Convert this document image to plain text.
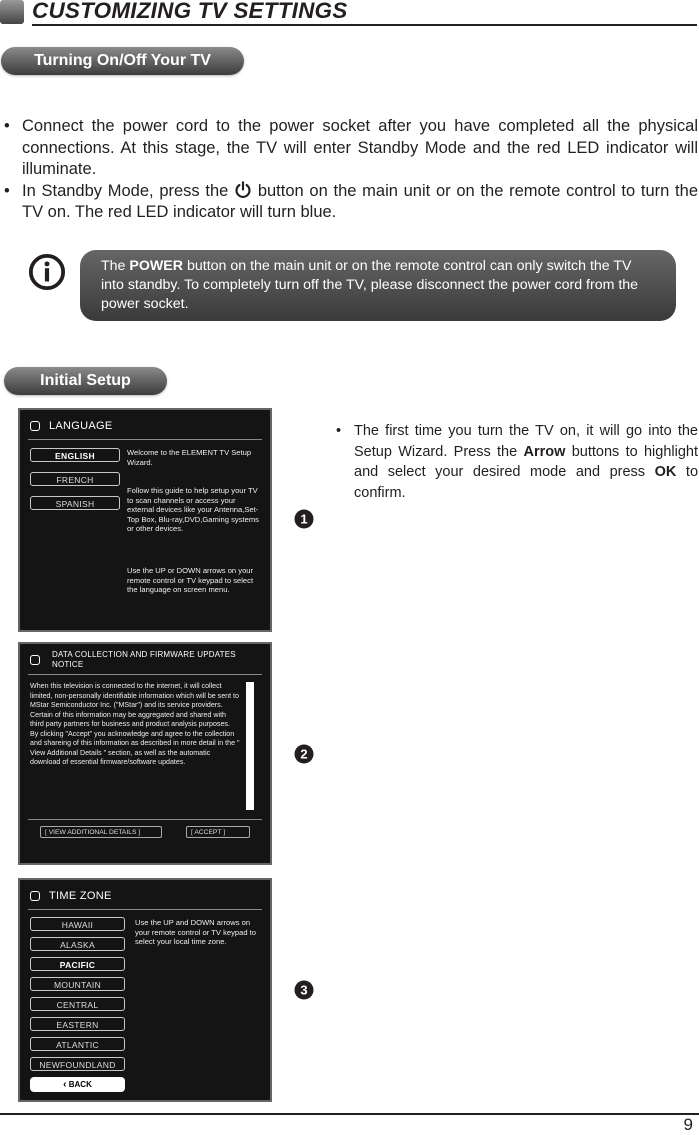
CUSTOMIZING TV SETTINGS
Turning On/Off Your TV
• Connect the power cord to the power socket after you have completed all the physical connections. At this stage, the TV will enter Standby Mode and the red LED indicator will illuminate.
• In Standby Mode, press the button on the main unit or on the remote control to turn the TV on. The red LED indicator will turn blue.
The POWER button on the main unit or on the remote control can only switch the TV into standby. To completely turn off the TV, please disconnect the power cord from the power socket.
Initial Setup
• The first time you turn the TV on, it will go into the Setup Wizard. Press the Arrow buttons to highlight and select your desired mode and press OK to confirm.
LANGUAGE
ENGLISH
FRENCH
SPANISH
Welcome to the ELEMENT TV Setup Wizard.
Follow this guide to help setup your TV to scan channels or access your external devices like your Antenna,Set-Top Box, Blu-ray,DVD,Gaming systems or other devices.
Use the UP or DOWN arrows on your remote control or TV keypad to select the language on screen menu.
DATA COLLECTION AND FIRMWARE UPDATES NOTICE
When this television is connected to the internet, it will collect limited, non-personally identifiable information which will be sent to MStar Semiconductor Inc. ("MStar") and its service providers. Certain of this information may be aggregated and shared with third party partners for business and product analysis purposes. By clicking "Accept" you acknowledge and agree to the collection and shareing of this information as described in more detail in the " View Additional Details " section, as well as the automatic download of essential firmware/software updates.
[ VIEW ADDITIONAL DETAILS ]	[ ACCEPT ]
TIME ZONE
HAWAII
ALASKA
PACIFIC
MOUNTAIN
CENTRAL
EASTERN
ATLANTIC
NEWFOUNDLAND
‹ BACK
Use the UP and DOWN arrows on your remote control or TV keypad to select your local time zone.
1
2
3
9
